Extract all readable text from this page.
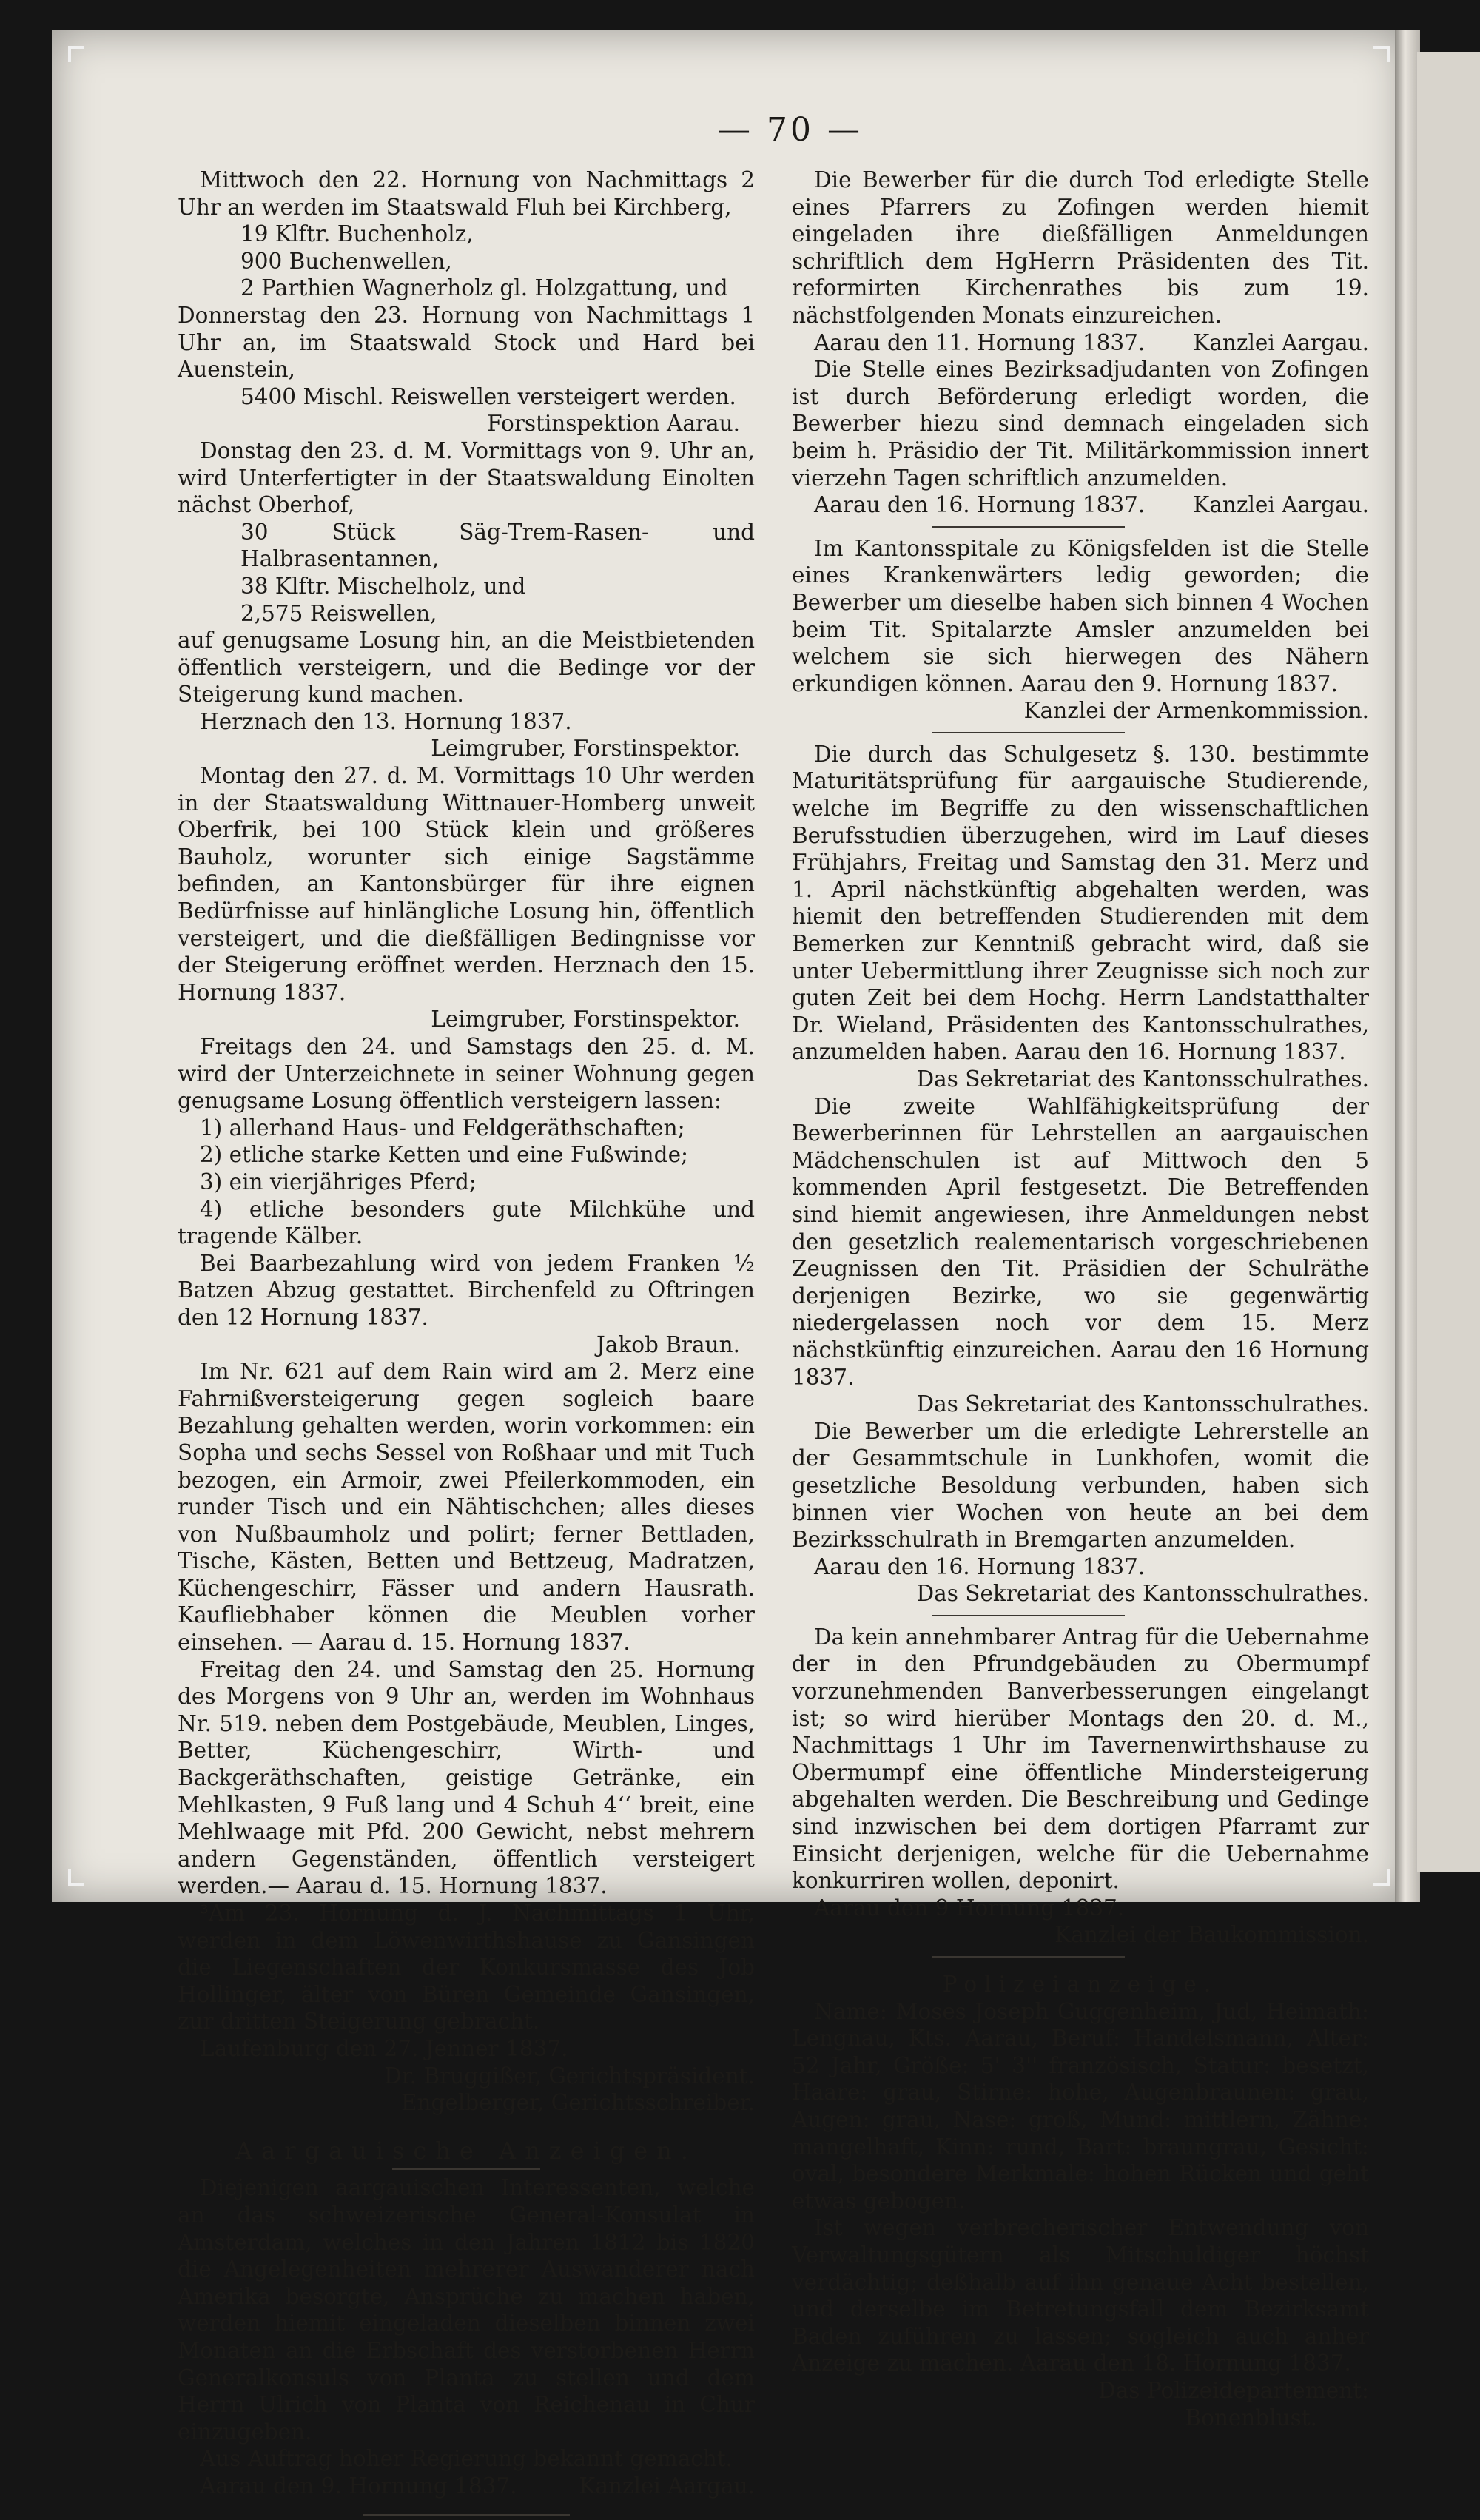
— 70 —

Mittwoch den 22. Hornung von Nachmittags 2 Uhr an werden im Staatswald Fluh bei Kirchberg,

19 Klftr. Buchenholz,

900 Buchenwellen,

2 Parthien Wagnerholz gl. Holzgattung, und

Donnerstag den 23. Hornung von Nachmittags 1 Uhr an, im Staatswald Stock und Hard bei Auenstein,

5400 Mischl. Reiswellen versteigert werden.

Forstinspektion Aarau.

Donstag den 23. d. M. Vormittags von 9. Uhr an, wird Unterfertigter in der Staatswaldung Einolten nächst Oberhof,

30 Stück Säg-Trem-Rasen- und Halbrasentannen,

38 Klftr. Mischelholz, und

2,575 Reiswellen,

auf genugsame Losung hin, an die Meistbietenden öffentlich versteigern, und die Bedinge vor der Steigerung kund machen.

Herznach den 13. Hornung 1837.

Leimgruber, Forstinspektor.

Montag den 27. d. M. Vormittags 10 Uhr werden in der Staatswaldung Wittnauer-Homberg unweit Oberfrik, bei 100 Stück klein und größeres Bauholz, worunter sich einige Sagstämme befinden, an Kantonsbürger für ihre eignen Bedürfnisse auf hinlängliche Losung hin, öffentlich versteigert, und die dießfälligen Bedingnisse vor der Steigerung eröffnet werden. Herznach den 15. Hornung 1837.

Leimgruber, Forstinspektor.

Freitags den 24. und Samstags den 25. d. M. wird der Unterzeichnete in seiner Wohnung gegen genugsame Losung öffentlich versteigern lassen:

1) allerhand Haus- und Feldgeräthschaften;

2) etliche starke Ketten und eine Fußwinde;

3) ein vierjähriges Pferd;

4) etliche besonders gute Milchkühe und tragende Kälber.

Bei Baarbezahlung wird von jedem Franken ½ Batzen Abzug gestattet. Birchenfeld zu Oftringen den 12 Hornung 1837.

Jakob Braun.

Im Nr. 621 auf dem Rain wird am 2. Merz eine Fahrnißversteigerung gegen sogleich baare Bezahlung gehalten werden, worin vorkommen: ein Sopha und sechs Sessel von Roßhaar und mit Tuch bezogen, ein Armoir, zwei Pfeilerkommoden, ein runder Tisch und ein Nähtischchen; alles dieses von Nußbaumholz und polirt; ferner Bettladen, Tische, Kästen, Betten und Bettzeug, Madratzen, Küchengeschirr, Fässer und andern Hausrath. Kaufliebhaber können die Meublen vorher einsehen. — Aarau d. 15. Hornung 1837.

Freitag den 24. und Samstag den 25. Hornung des Morgens von 9 Uhr an, werden im Wohnhaus Nr. 519. neben dem Postgebäude, Meublen, Linges, Better, Küchengeschirr, Wirth- und Backgeräthschaften, geistige Getränke, ein Mehlkasten, 9 Fuß lang und 4 Schuh 4‘‘ breit, eine Mehlwaage mit Pfd. 200 Gewicht, nebst mehrern andern Gegenständen, öffentlich versteigert werden.— Aarau d. 15. Hornung 1837.

³Am 23. Hornung d. J. Nachmittags 1 Uhr, werden in dem Löwenwirthshause zu Gansingen die Liegenschaften der Konkursmasse des Job Hollinger, älter von Büren Gemeinde Gansingen, zur dritten Steigerung gebracht.

Laufenburg den 27. Jenner 1837.

Dr. Bruggißer, Gerichtspräsident.

Engelberger, Gerichtsschreiber.

Aargauische Anzeigen.

Diejenigen aargauischen Interessenten, welche an das schweizerische General-Konsulat in Amsterdam, welches in den Jahren 1812 bis 1820 die Angelegenheiten mehrerer Auswanderer nach Amerika besorgte, Ansprüche zu machen haben, werden hiemit eingeladen dieselben binnen zwei Monaten an die Erbschaft des verstorbenen Herrn Generalkonsuls von Planta zu stellen und dem Herrn Ulrich von Planta von Reichenau in Chur einzugeben.

Aus Auftrag hoher Regierung bekannt gemacht.

Aarau den 9. Hornung 1837.	Kanzlei Aargau.

Die Bewerber für die durch Tod erledigte Stelle eines Pfarrers zu Zofingen werden hiemit eingeladen ihre dießfälligen Anmeldungen schriftlich dem HgHerrn Präsidenten des Tit. reformirten Kirchenrathes bis zum 19. nächstfolgenden Monats einzureichen.

Aarau den 11. Hornung 1837. Kanzlei Aargau.

Die Stelle eines Bezirksadjudanten von Zofingen ist durch Beförderung erledigt worden, die Bewerber hiezu sind demnach eingeladen sich beim h. Präsidio der Tit. Militärkommission innert vierzehn Tagen schriftlich anzumelden.

Aarau den 16. Hornung 1837. Kanzlei Aargau.

Im Kantonsspitale zu Königsfelden ist die Stelle eines Krankenwärters ledig geworden; die Bewerber um dieselbe haben sich binnen 4 Wochen beim Tit. Spitalarzte Amsler anzumelden bei welchem sie sich hierwegen des Nähern erkundigen können. Aarau den 9. Hornung 1837.

Kanzlei der Armenkommission.

Die durch das Schulgesetz §. 130. bestimmte Maturitätsprüfung für aargauische Studierende, welche im Begriffe zu den wissenschaftlichen Berufsstudien überzugehen, wird im Lauf dieses Frühjahrs, Freitag und Samstag den 31. Merz und 1. April nächstkünftig abgehalten werden, was hiemit den betreffenden Studierenden mit dem Bemerken zur Kenntniß gebracht wird, daß sie unter Uebermittlung ihrer Zeugnisse sich noch zur guten Zeit bei dem Hochg. Herrn Landstatthalter Dr. Wieland, Präsidenten des Kantonsschulrathes, anzumelden haben. Aarau den 16. Hornung 1837.

Das Sekretariat des Kantonsschulrathes.

Die zweite Wahlfähigkeitsprüfung der Bewerberinnen für Lehrstellen an aargauischen Mädchenschulen ist auf Mittwoch den 5 kommenden April festgesetzt. Die Betreffenden sind hiemit angewiesen, ihre Anmeldungen nebst den gesetzlich realementarisch vorgeschriebenen Zeugnissen den Tit. Präsidien der Schulräthe derjenigen Bezirke, wo sie gegenwärtig niedergelassen noch vor dem 15. Merz nächstkünftig einzureichen. Aarau den 16 Hornung 1837.

Das Sekretariat des Kantonsschulrathes.

Die Bewerber um die erledigte Lehrerstelle an der Gesammtschule in Lunkhofen, womit die gesetzliche Besoldung verbunden, haben sich binnen vier Wochen von heute an bei dem Bezirksschulrath in Bremgarten anzumelden.

Aarau den 16. Hornung 1837.

Das Sekretariat des Kantonsschulrathes.

Da kein annehmbarer Antrag für die Uebernahme der in den Pfrundgebäuden zu Obermumpf vorzunehmenden Banverbesserungen eingelangt ist; so wird hierüber Montags den 20. d. M., Nachmittags 1 Uhr im Tavernenwirthshause zu Obermumpf eine öffentliche Mindersteigerung abgehalten werden. Die Beschreibung und Gedinge sind inzwischen bei dem dortigen Pfarramt zur Einsicht derjenigen, welche für die Uebernahme konkurriren wollen, deponirt.

Aarau den 9 Hornung 1837.

Kanzlei der Baukommission.

Polizeianzeige.

Name: Moses Joseph Guggenheim, Jud, Heimath: Lengnau, Kts. Aarau, Beruf: Handelsmann, Alter: 52 Jahr, Größe: 5' 3'' französisch, Statur: besetzt, Haare: grau, Stirne: hohe, Augenbraunen: grau, Augen: grau, Nase: groß, Mund: mittlern, Zähne: mangelhaft, Kinn: rund, Bart: braungrau, Gesicht: oval, besondere Merkmale: hohen Rücken und geht etwas gebogen.

Ist wegen verbrecherischer Entwendung von Verwaltungsgütern als Mitschuldiger höchst verdächtig; deßhalb auf ihn genaue Acht bestellen, und derselbe im Betretungsfall dem Bezirksamt Baden zuführen zu lassen; sogleich auch anher Anzeige zu machen. Aarau den 18. Hornung 1837.

Das Polizeidepartement:

Bonenblust.
